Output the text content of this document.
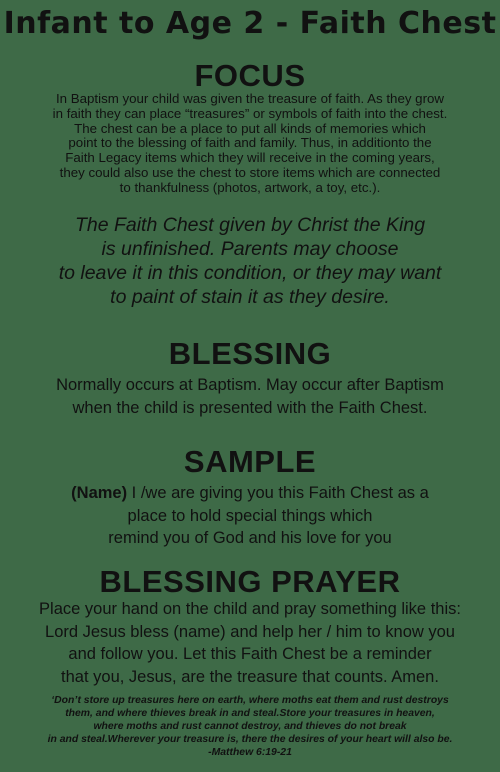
Infant to Age 2 - Faith Chest
FOCUS

In Baptism your child was given the treasure of faith. As they grow

in faith they can place “treasures” or symbols of faith into the chest.

The chest can be a place to put all kinds of memories which

point to the blessing of faith and family. Thus, in additionto the

Faith Legacy items which they will receive in the coming years,

they could also use the chest to store items which are connected

to thankfulness (photos, artwork, a toy, etc.).

The Faith Chest given by Christ the King

is unfinished. Parents may choose

to leave it in this condition, or they may want

to paint of stain it as they desire.

BLESSING

Normally occurs at Baptism. May occur after Baptism

when the child is presented with the Faith Chest.

SAMPLE

(Name) I /we are giving you this Faith Chest as a

place to hold special things which

remind you of God and his love for you

BLESSING PRAYER

Place your hand on the child and pray something like this:

Lord Jesus bless (name) and help her / him to know you

and follow you. Let this Faith Chest be a reminder

that you, Jesus, are the treasure that counts. Amen.

‘Don’t store up treasures here on earth, where moths eat them and rust destroys

them, and where thieves break in and steal.Store your treasures in heaven,

where moths and rust cannot destroy, and thieves do not break

in and steal.Wherever your treasure is, there the desires of your heart will also be.

-Matthew 6:19-21
